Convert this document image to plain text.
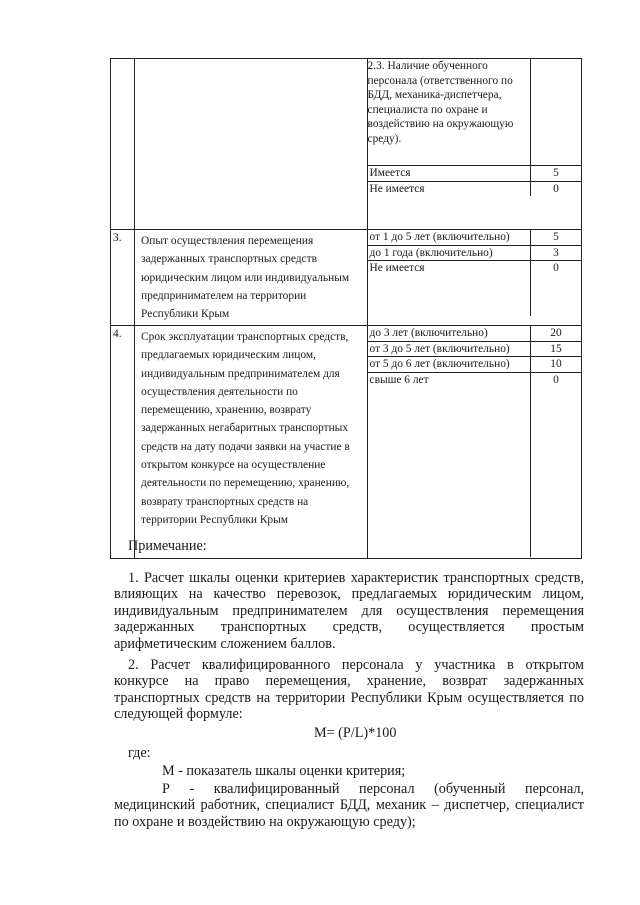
2.3. Наличие обученного персонала (ответственного по БДД, механика-диспетчера, специалиста по охране и воздействию на окружающую среду).	

Имеется	5
Не имеется	0

3.	Опыт осуществления перемещения задержанных транспортных средств юридическим лицом или индивидуальным предпринимателем на территории Республики Крым

от 1 до 5 лет (включительно)	5
до 1 года (включительно)	3
Не имеется	0

4.	Срок эксплуатации транспортных средств, предлагаемых юридическим лицом, индивидуальным предпринимателем для осуществления деятельности по перемещению, хранению, возврату задержанных негабаритных транспортных средств на дату подачи заявки на участие в открытом конкурсе на осуществление деятельности по перемещению, хранению, возврату транспортных средств на территории Республики Крым

до 3 лет (включительно)	20
от 3 до 5 лет (включительно)	15
от 5 до 6 лет (включительно)	10
свыше 6 лет	0

Примечание:
1. Расчет шкалы оценки критериев характеристик транспортных средств, влияющих на качество перевозок, предлагаемых юридическим лицом, индивидуальным предпринимателем для осуществления перемещения задержанных транспортных средств, осуществляется простым арифметическим сложением баллов.
2. Расчет квалифицированного персонала у участника в открытом конкурсе на право перемещения, хранение, возврат задержанных транспортных средств на территории Республики Крым осуществляется по следующей формуле:
М= (P/L)*100
где:
М - показатель шкалы оценки критерия;
Р - квалифицированный персонал (обученный персонал, медицинский работник, специалист БДД, механик – диспетчер, специалист по охране и воздействию на окружающую среду);
